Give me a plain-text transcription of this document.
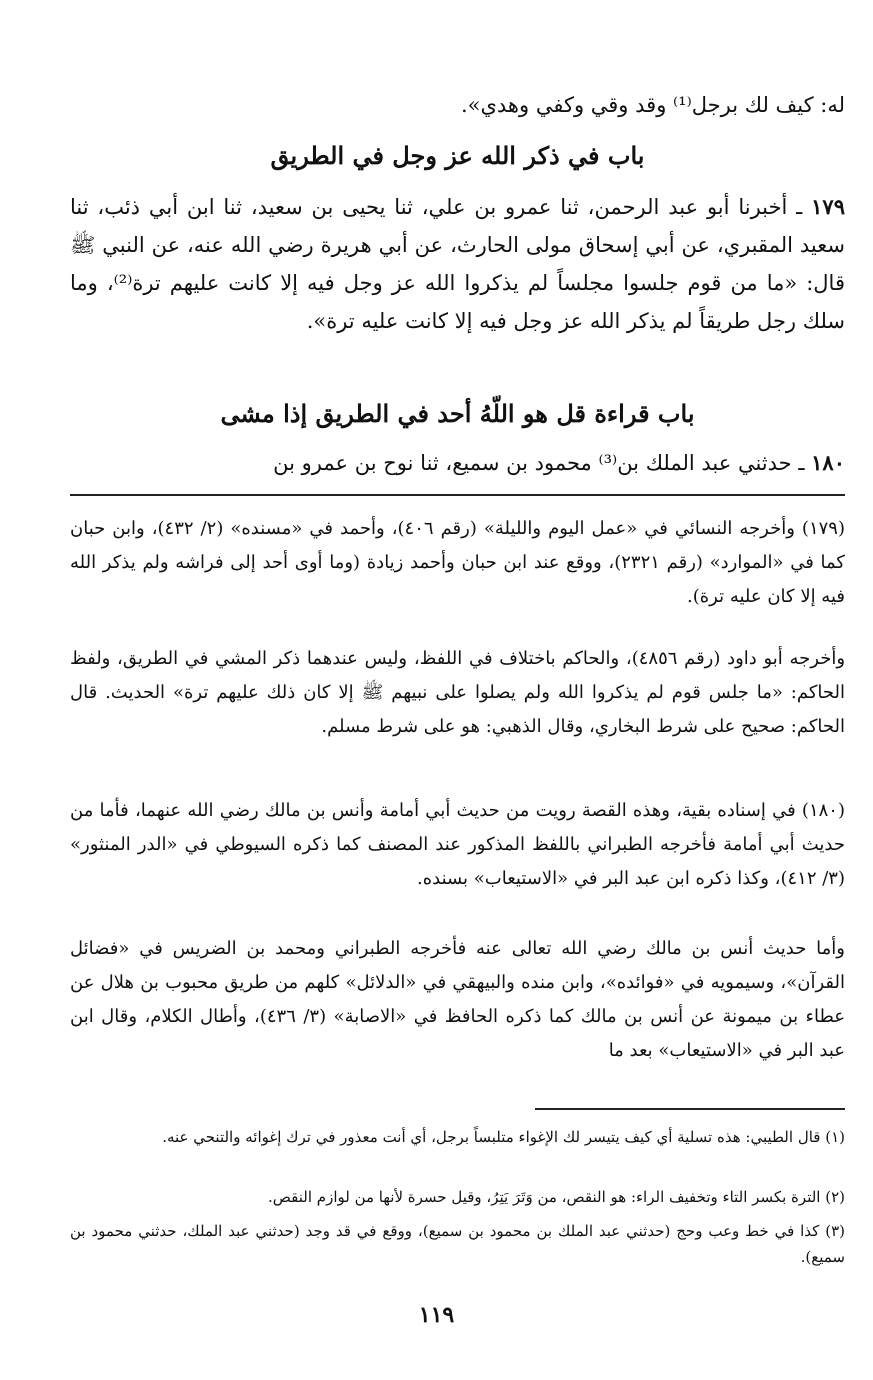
له: كيف لك برجل⁽¹⁾ وقد وقي وكفي وهدي».
باب في ذكر الله عز وجل في الطريق
١٧٩ ـ أخبرنا أبو عبد الرحمن، ثنا عمرو بن علي، ثنا يحيى بن سعيد، ثنا ابن أبي ذئب، ثنا سعيد المقبري، عن أبي إسحاق مولى الحارث، عن أبي هريرة رضي الله عنه، عن النبي ﷺ قال: «ما من قوم جلسوا مجلساً لم يذكروا الله عز وجل فيه إلا كانت عليهم ترة⁽²⁾، وما سلك رجل طريقاً لم يذكر الله عز وجل فيه إلا كانت عليه ترة».
باب قراءة قل هو اللّهُ أحد في الطريق إذا مشى
١٨٠ ـ حدثني عبد الملك بن⁽³⁾ محمود بن سميع، ثنا نوح بن عمرو بن
(١٧٩) وأخرجه النسائي في «عمل اليوم والليلة» (رقم ٤٠٦)، وأحمد في «مسنده» (٢/ ٤٣٢)، وابن حبان كما في «الموارد» (رقم ٢٣٢١)، ووقع عند ابن حبان وأحمد زيادة (وما أوى أحد إلى فراشه ولم يذكر الله فيه إلا كان عليه ترة).
وأخرجه أبو داود (رقم ٤٨٥٦)، والحاكم باختلاف في اللفظ، وليس عندهما ذكر المشي في الطريق، ولفظ الحاكم: «ما جلس قوم لم يذكروا الله ولم يصلوا على نبيهم ﷺ إلا كان ذلك عليهم ترة» الحديث. قال الحاكم: صحيح على شرط البخاري، وقال الذهبي: هو على شرط مسلم.
(١٨٠) في إسناده بقية، وهذه القصة رويت من حديث أبي أمامة وأنس بن مالك رضي الله عنهما، فأما من حديث أبي أمامة فأخرجه الطبراني باللفظ المذكور عند المصنف كما ذكره السيوطي في «الدر المنثور» (٣/ ٤١٢)، وكذا ذكره ابن عبد البر في «الاستيعاب» بسنده.
وأما حديث أنس بن مالك رضي الله تعالى عنه فأخرجه الطبراني ومحمد بن الضريس في «فضائل القرآن»، وسيمويه في «فوائده»، وابن منده والبيهقي في «الدلائل» كلهم من طريق محبوب بن هلال عن عطاء بن ميمونة عن أنس بن مالك كما ذكره الحافظ في «الاصابة» (٣/ ٤٣٦)، وأطال الكلام، وقال ابن عبد البر في «الاستيعاب» بعد ما
(١) قال الطيبي: هذه تسلية أي كيف يتيسر لك الإغواء متلبساً برجل، أي أنت معذور في ترك إغوائه والتنحي عنه.
(٢) الترة بكسر التاء وتخفيف الراء: هو النقص، من وَتَرَ يَتِرُ، وقيل حسرة لأنها من لوازم النقص.
(٣) كذا في خط وعب وحج (حدثني عبد الملك بن محمود بن سميع)، ووقع في قد وجد (حدثني عبد الملك، حدثني محمود بن سميع).
١١٩
